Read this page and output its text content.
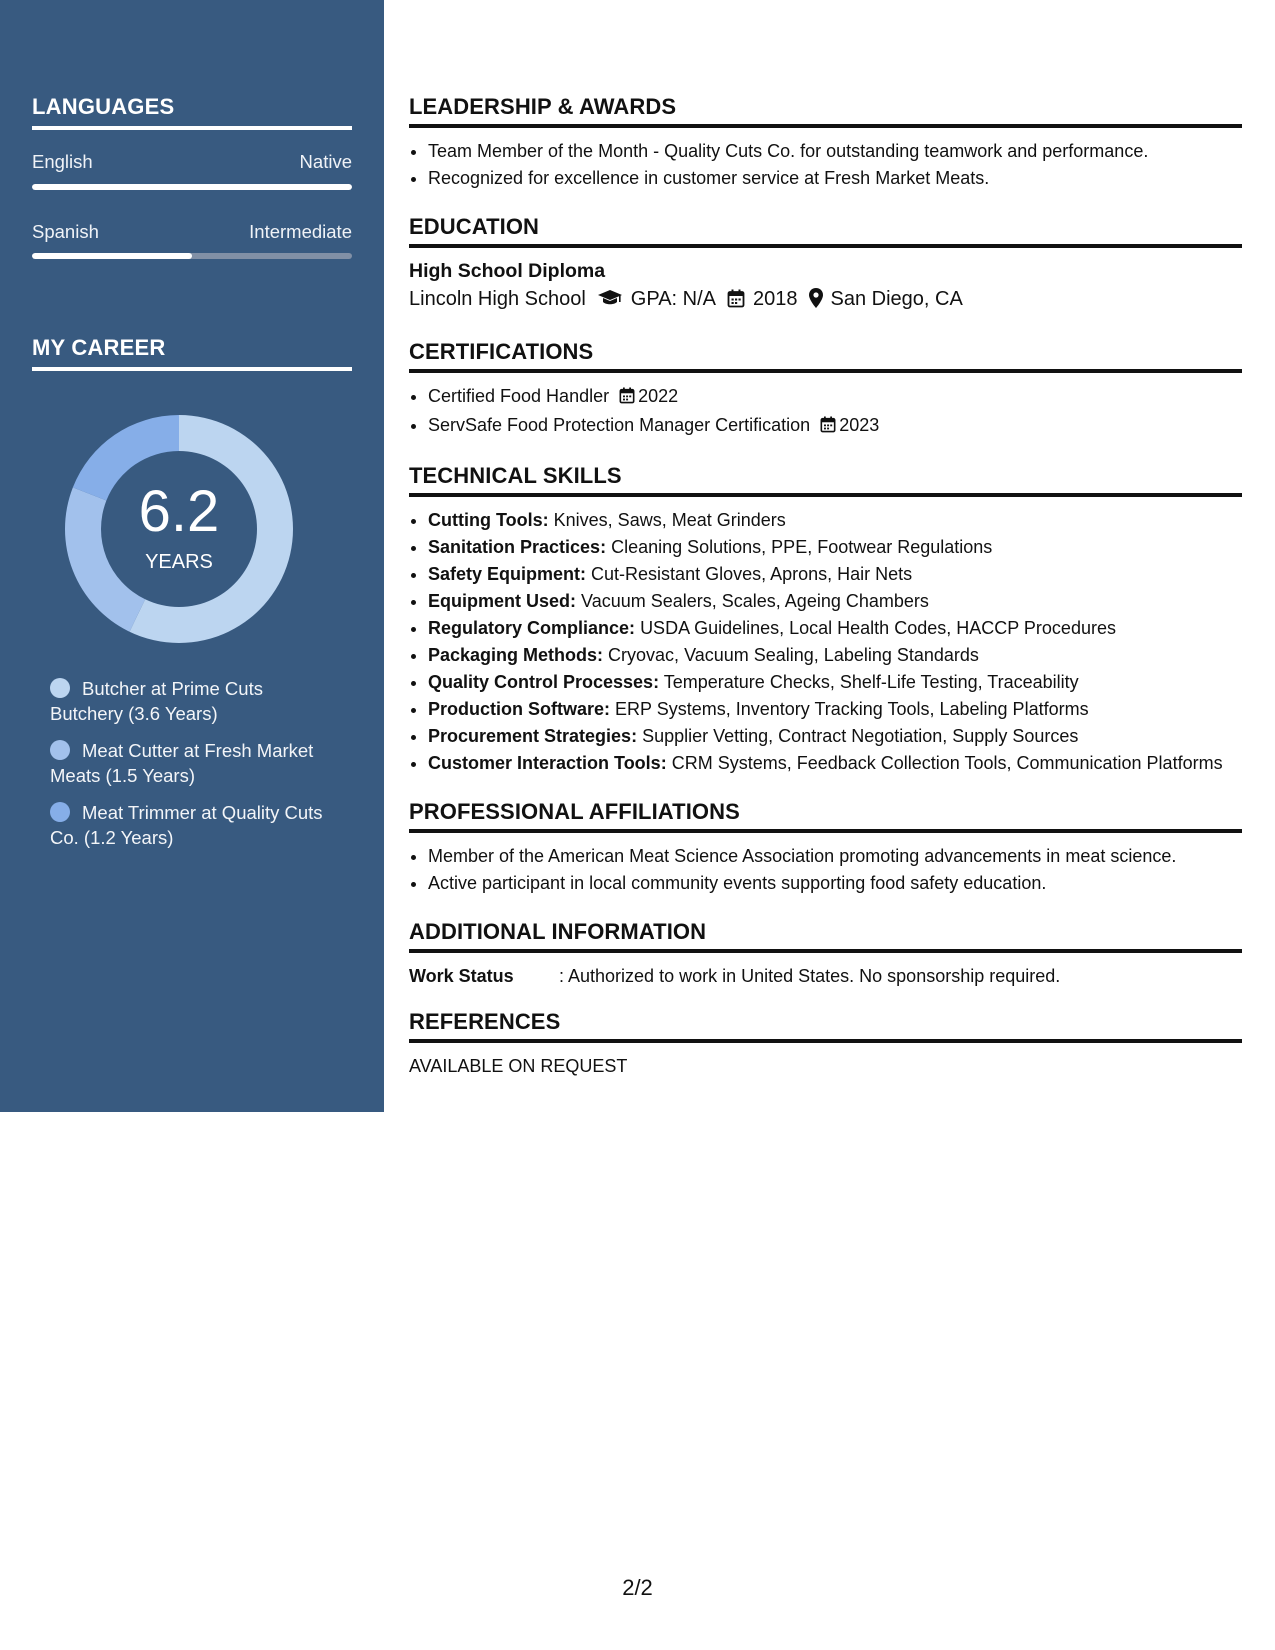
LANGUAGES
English	Native
Spanish	Intermediate
MY CAREER
6.2
YEARS
Butcher at Prime Cuts Butchery (3.6 Years)
Meat Cutter at Fresh Market Meats (1.5 Years)
Meat Trimmer at Quality Cuts Co. (1.2 Years)
LEADERSHIP & AWARDS
• Team Member of the Month - Quality Cuts Co. for outstanding teamwork and performance.
• Recognized for excellence in customer service at Fresh Market Meats.
EDUCATION
High School Diploma
Lincoln High School GPA: N/A 2018 San Diego, CA
CERTIFICATIONS
• Certified Food Handler 2022
• ServSafe Food Protection Manager Certification 2023
TECHNICAL SKILLS
• Cutting Tools: Knives, Saws, Meat Grinders
• Sanitation Practices: Cleaning Solutions, PPE, Footwear Regulations
• Safety Equipment: Cut-Resistant Gloves, Aprons, Hair Nets
• Equipment Used: Vacuum Sealers, Scales, Ageing Chambers
• Regulatory Compliance: USDA Guidelines, Local Health Codes, HACCP Procedures
• Packaging Methods: Cryovac, Vacuum Sealing, Labeling Standards
• Quality Control Processes: Temperature Checks, Shelf-Life Testing, Traceability
• Production Software: ERP Systems, Inventory Tracking Tools, Labeling Platforms
• Procurement Strategies: Supplier Vetting, Contract Negotiation, Supply Sources
• Customer Interaction Tools: CRM Systems, Feedback Collection Tools, Communication Platforms
PROFESSIONAL AFFILIATIONS
• Member of the American Meat Science Association promoting advancements in meat science.
• Active participant in local community events supporting food safety education.
ADDITIONAL INFORMATION
Work Status	: Authorized to work in United States. No sponsorship required.
REFERENCES
AVAILABLE ON REQUEST
2/2
